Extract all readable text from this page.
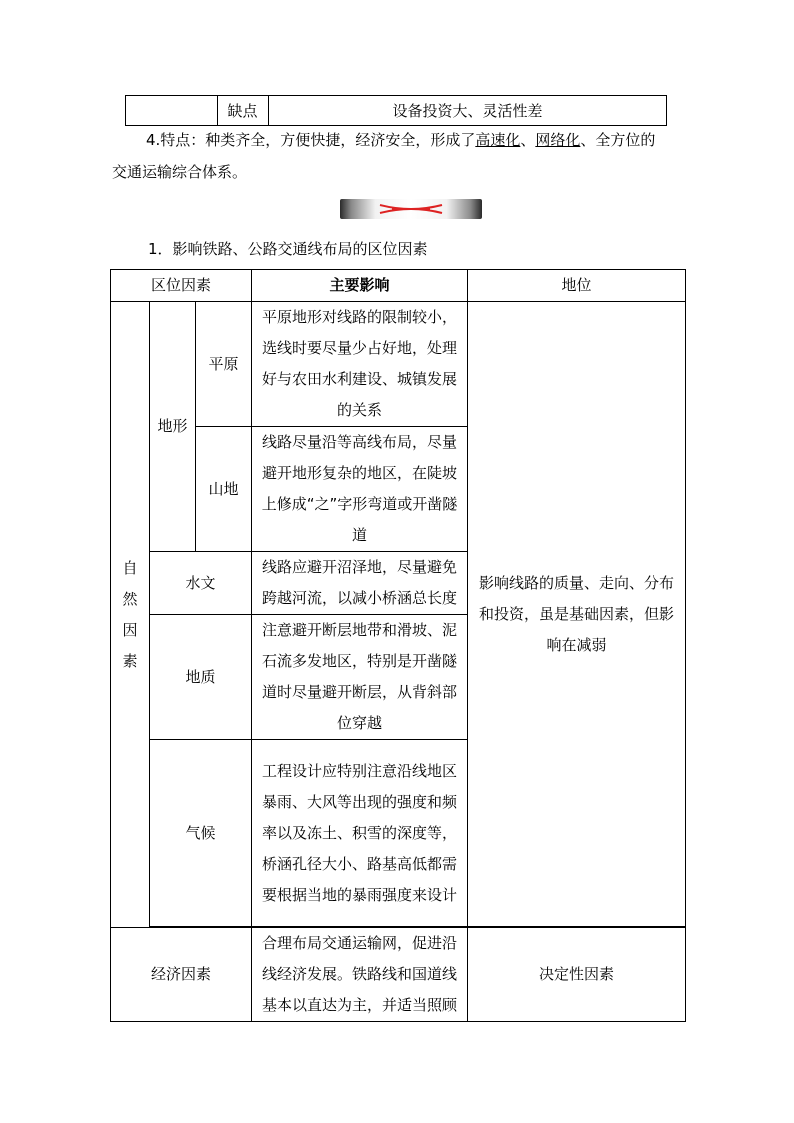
缺点	设备投资大、灵活性差
4.特点：种类齐全，方便快捷，经济安全，形成了高速化、网络化、全方位的
交通运输综合体系。
1．影响铁路、公路交通线布局的区位因素
区位因素			主要影响	地位

自
然
因
素	地形	平原	平原地形对线路的限制较小，选线时要尽量少占好地，处理好与农田水利建设、城镇发展的关系	影响线路的质量、走向、分布和投资，虽是基础因素，但影响在减弱
		山地	线路尽量沿等高线布局，尽量避开地形复杂的地区，在陡坡上修成“之”字形弯道或开凿隧道	
	水文		线路应避开沼泽地，尽量避免跨越河流，以减小桥涵总长度	
	地质		注意避开断层地带和滑坡、泥石流多发地区，特别是开凿隧道时尽量避开断层，从背斜部位穿越	
	气候		工程设计应特别注意沿线地区暴雨、大风等出现的强度和频率以及冻土、积雪的深度等，桥涵孔径大小、路基高低都需要根据当地的暴雨强度来设计	

经济因素			合理布局交通运输网，促进沿线经济发展。铁路线和国道线基本以直达为主，并适当照顾	决定性因素
